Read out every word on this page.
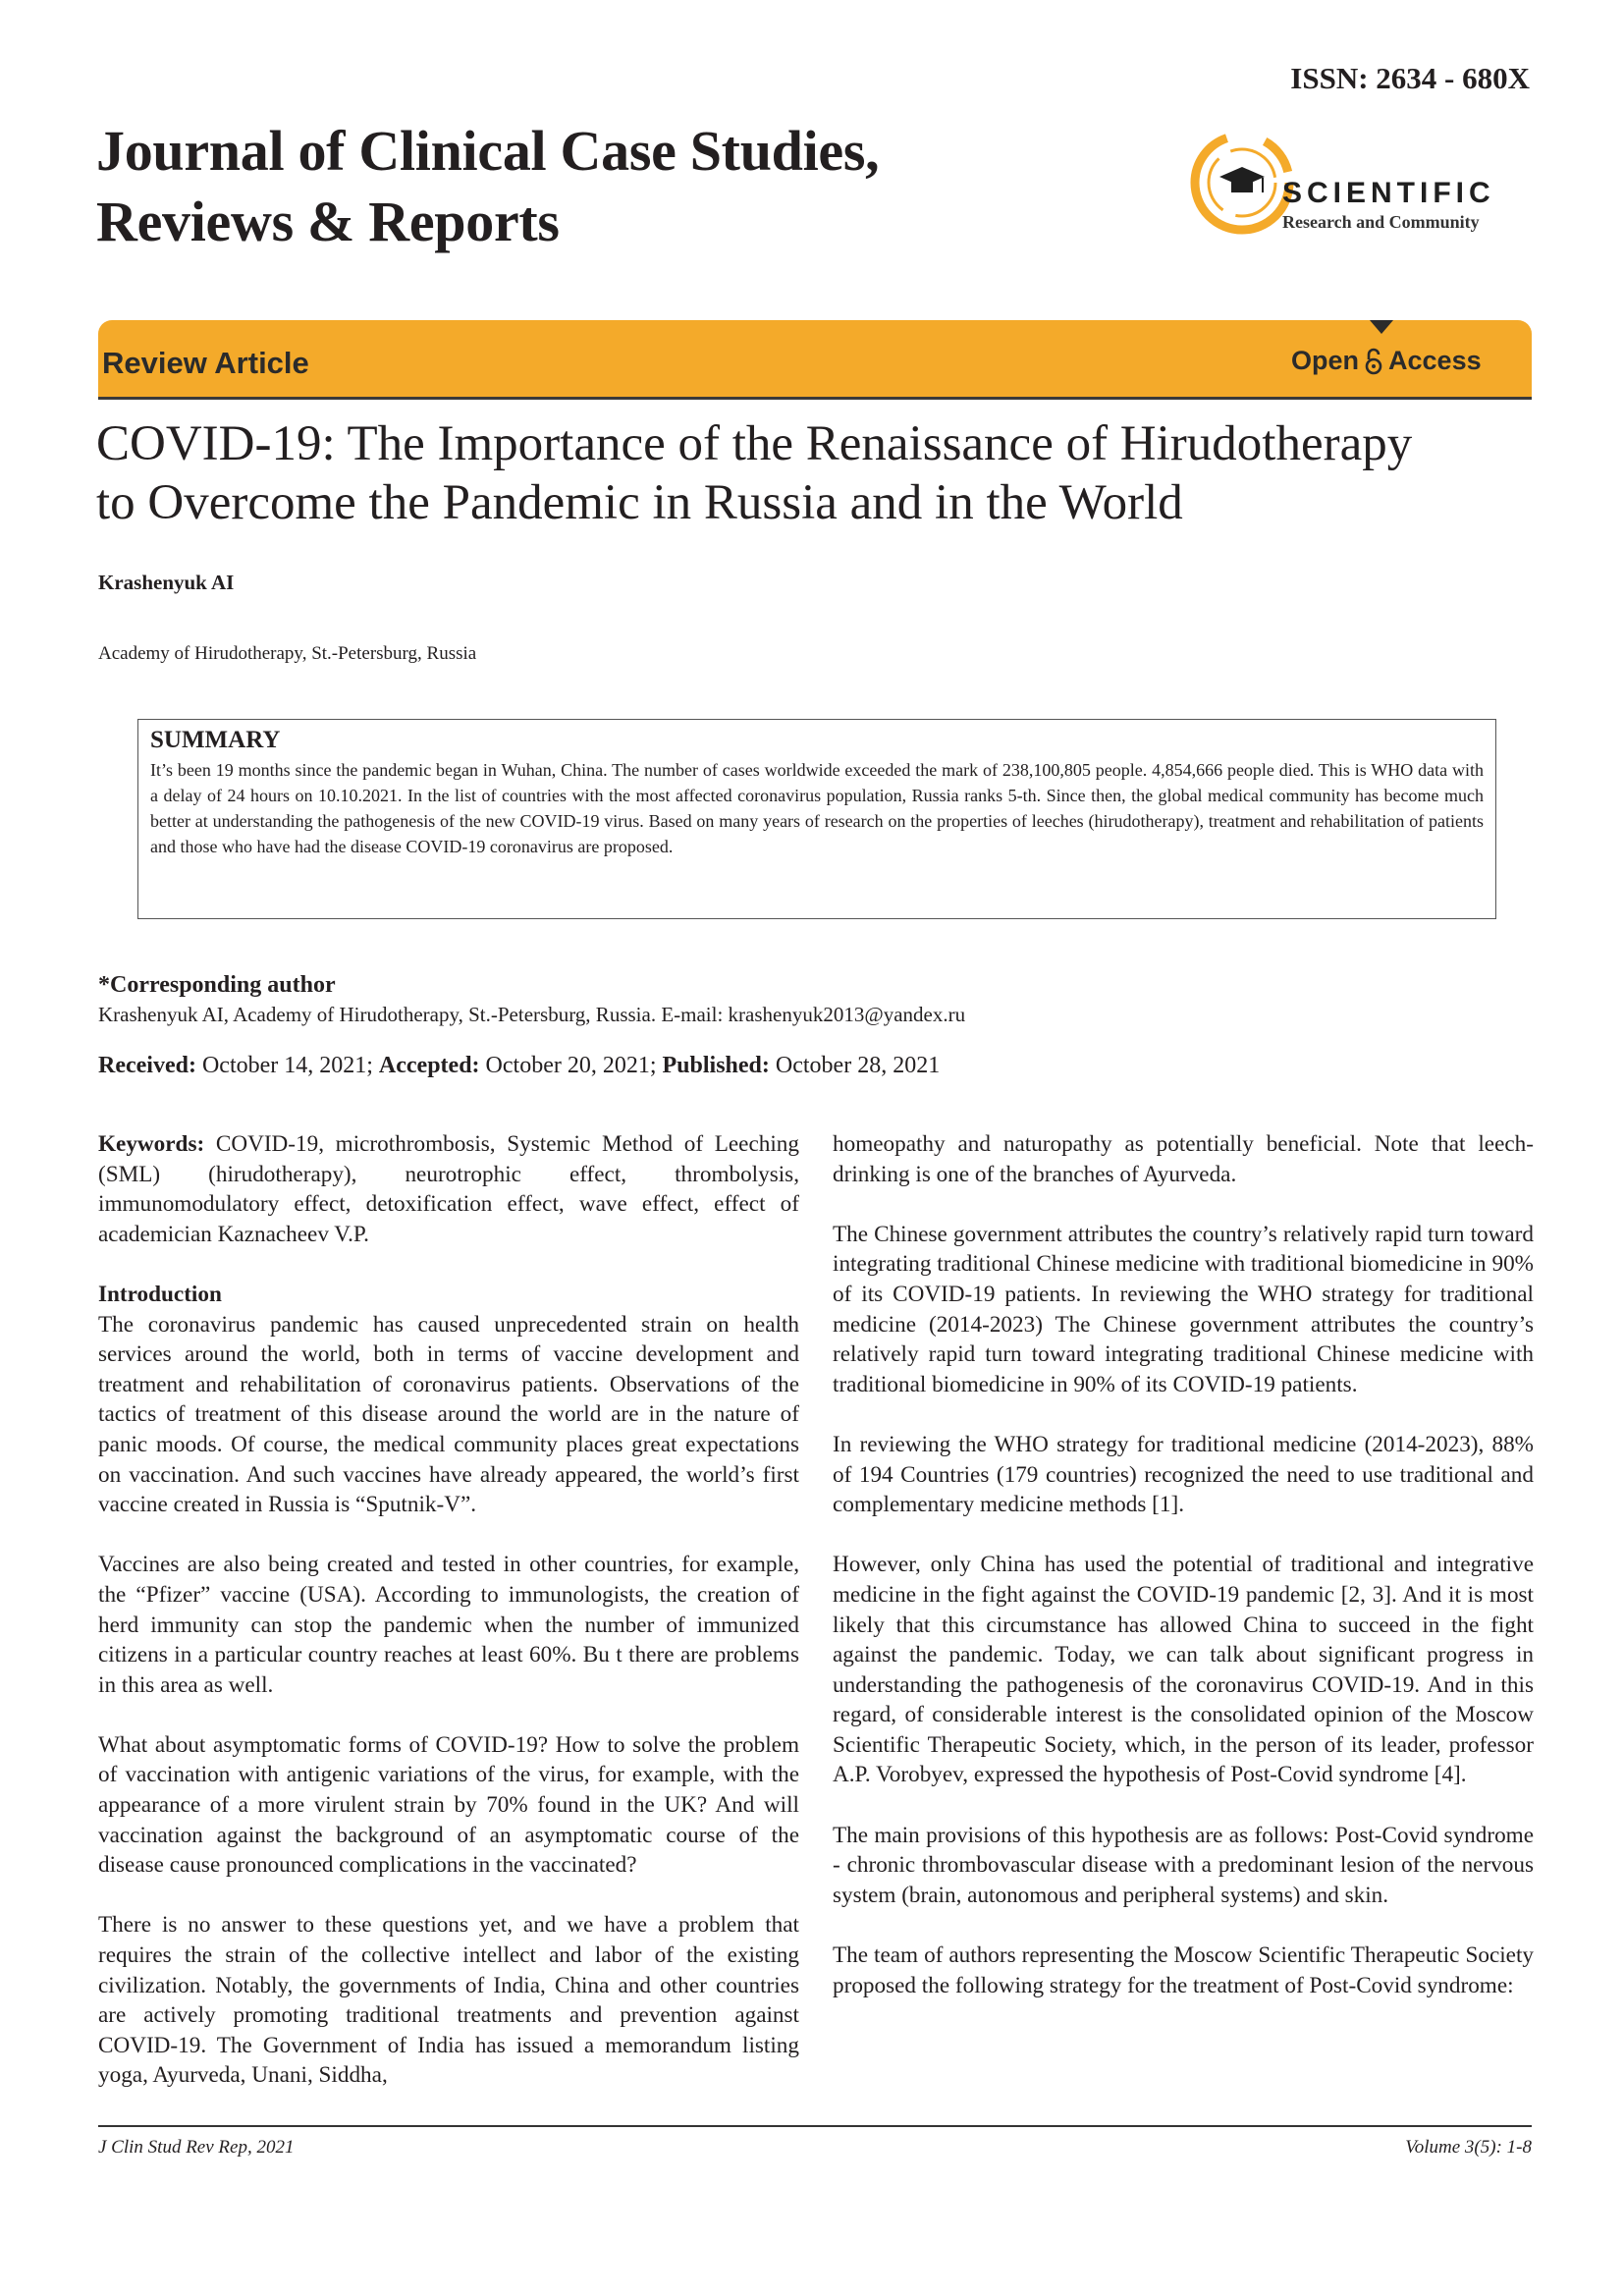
ISSN: 2634 - 680X
Journal of Clinical Case Studies,
Reviews & Reports	SCIENTIFIC
Research and Community
Review Article	Open Access
COVID-19: The Importance of the Renaissance of Hirudotherapy
to Overcome the Pandemic in Russia and in the World
Krashenyuk AI
Academy of Hirudotherapy, St.-Petersburg, Russia
SUMMARY
It’s been 19 months since the pandemic began in Wuhan, China. The number of cases worldwide exceeded the mark of 238,100,805 people. 4,854,666 people died. This is WHO data with a delay of 24 hours on 10.10.2021. In the list of countries with the most affected coronavirus population, Russia ranks 5-th. Since then, the global medical community has become much better at understanding the pathogenesis of the new COVID-19 virus. Based on many years of research on the properties of leeches (hirudotherapy), treatment and rehabilitation of patients and those who have had the disease COVID-19 coronavirus are proposed.
*Corresponding author
Krashenyuk AI, Academy of Hirudotherapy, St.-Petersburg, Russia. E-mail: krashenyuk2013@yandex.ru
Received: October 14, 2021; Accepted: October 20, 2021; Published: October 28, 2021

Keywords: COVID-19, microthrombosis, Systemic Method of Leeching (SML) (hirudotherapy), neurotrophic effect, thrombolysis, immunomodulatory effect, detoxification effect, wave effect, effect of academician Kaznacheev V.P.

Introduction

The coronavirus pandemic has caused unprecedented strain on health services around the world, both in terms of vaccine development and treatment and rehabilitation of coronavirus patients. Observations of the tactics of treatment of this disease around the world are in the nature of panic moods. Of course, the medical community places great expectations on vaccination. And such vaccines have already appeared, the world’s first vaccine created in Russia is “Sputnik-V”.

Vaccines are also being created and tested in other countries, for example, the “Pfizer” vaccine (USA). According to immunologists, the creation of herd immunity can stop the pandemic when the number of immunized citizens in a particular country reaches at least 60%. Bu t there are problems in this area as well.

What about asymptomatic forms of COVID-19? How to solve the problem of vaccination with antigenic variations of the virus, for example, with the appearance of a more virulent strain by 70% found in the UK? And will vaccination against the background of an asymptomatic course of the disease cause pronounced complications in the vaccinated?

There is no answer to these questions yet, and we have a problem that requires the strain of the collective intellect and labor of the existing civilization. Notably, the governments of India, China and other countries are actively promoting traditional treatments and prevention against COVID-19. The Government of India has issued a memorandum listing yoga, Ayurveda, Unani, Siddha,

homeopathy and naturopathy as potentially beneficial. Note that leech-drinking is one of the branches of Ayurveda.

The Chinese government attributes the country’s relatively rapid turn toward integrating traditional Chinese medicine with traditional biomedicine in 90% of its COVID-19 patients. In reviewing the WHO strategy for traditional medicine (2014-2023) The Chinese government attributes the country’s relatively rapid turn toward integrating traditional Chinese medicine with traditional biomedicine in 90% of its COVID-19 patients.

In reviewing the WHO strategy for traditional medicine (2014-2023), 88% of 194 Countries (179 countries) recognized the need to use traditional and complementary medicine methods [1].

However, only China has used the potential of traditional and integrative medicine in the fight against the COVID-19 pandemic [2, 3]. And it is most likely that this circumstance has allowed China to succeed in the fight against the pandemic. Today, we can talk about significant progress in understanding the pathogenesis of the coronavirus COVID-19. And in this regard, of considerable interest is the consolidated opinion of the Moscow Scientific Therapeutic Society, which, in the person of its leader, professor A.P. Vorobyev, expressed the hypothesis of Post-Covid syndrome [4].

The main provisions of this hypothesis are as follows: Post-Covid syndrome - chronic thrombovascular disease with a predominant lesion of the nervous system (brain, autonomous and peripheral systems) and skin.

The team of authors representing the Moscow Scientific Therapeutic Society proposed the following strategy for the treatment of Post-Covid syndrome:

J Clin Stud Rev Rep, 2021	Volume 3(5): 1-8
